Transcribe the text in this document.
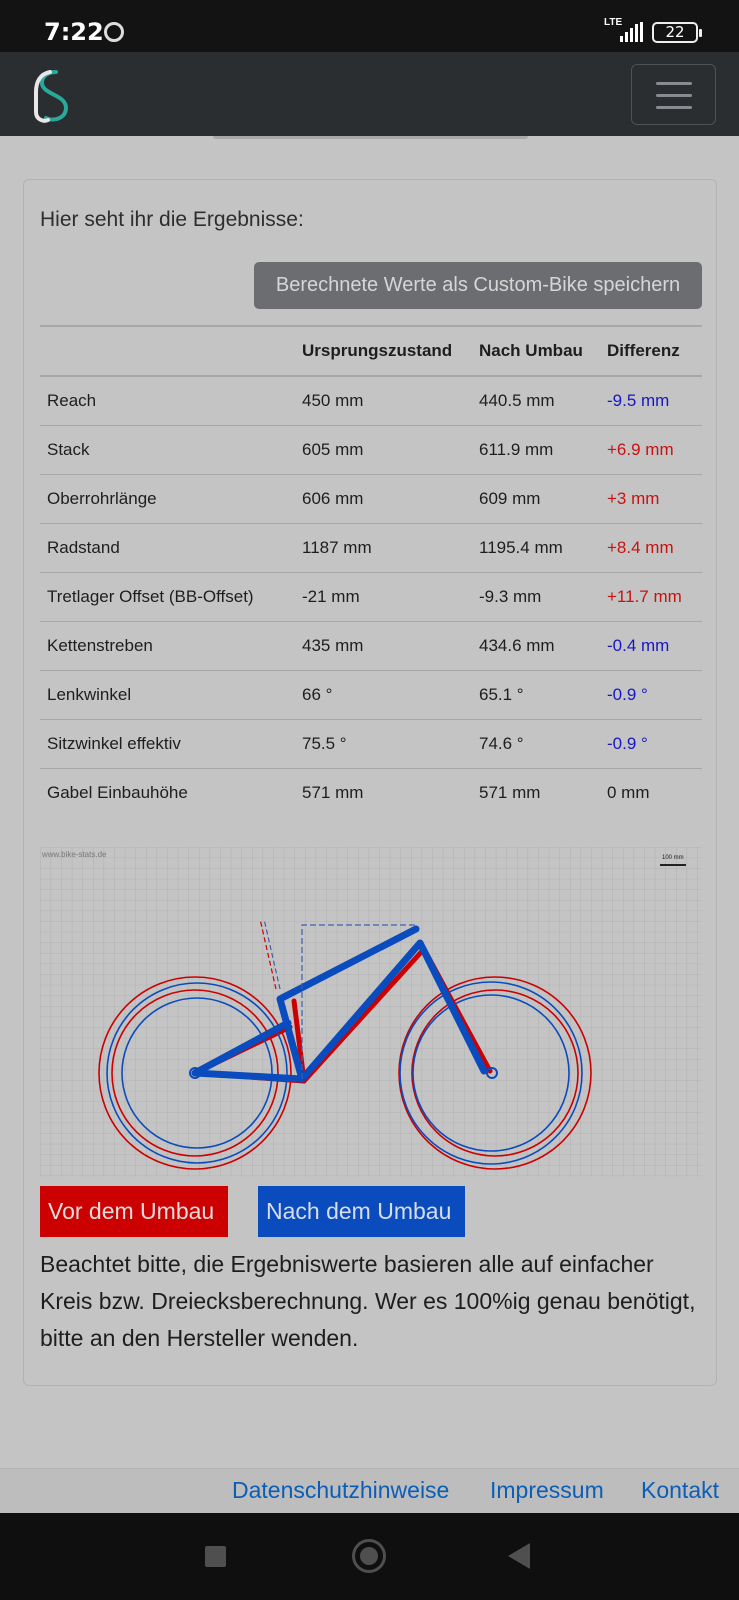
7:22	LTE
22
Hier seht ihr die Ergebnisse:
Berechnete Werte als Custom-Bike speichern
	Ursprungszustand	Nach Umbau	Differenz
Reach	450 mm	440.5 mm	-9.5 mm
Stack	605 mm	611.9 mm	+6.9 mm
Oberrohrlänge	606 mm	609 mm	+3 mm
Radstand	1187 mm	1195.4 mm	+8.4 mm
Tretlager Offset (BB-Offset)	-21 mm	-9.3 mm	+11.7 mm
Kettenstreben	435 mm	434.6 mm	-0.4 mm
Lenkwinkel	66 °	65.1 °	-0.9 °
Sitzwinkel effektiv	75.5 °	74.6 °	-0.9 °
Gabel Einbauhöhe	571 mm	571 mm	0 mm
www.bike-stats.de	100 mm
Vor dem Umbau	Nach dem Umbau
Beachtet bitte, die Ergebniswerte basieren alle auf einfacher Kreis bzw. Dreiecksberechnung. Wer es 100%ig genau benötigt, bitte an den Hersteller wenden.
Datenschutzhinweise Impressum Kontakt
